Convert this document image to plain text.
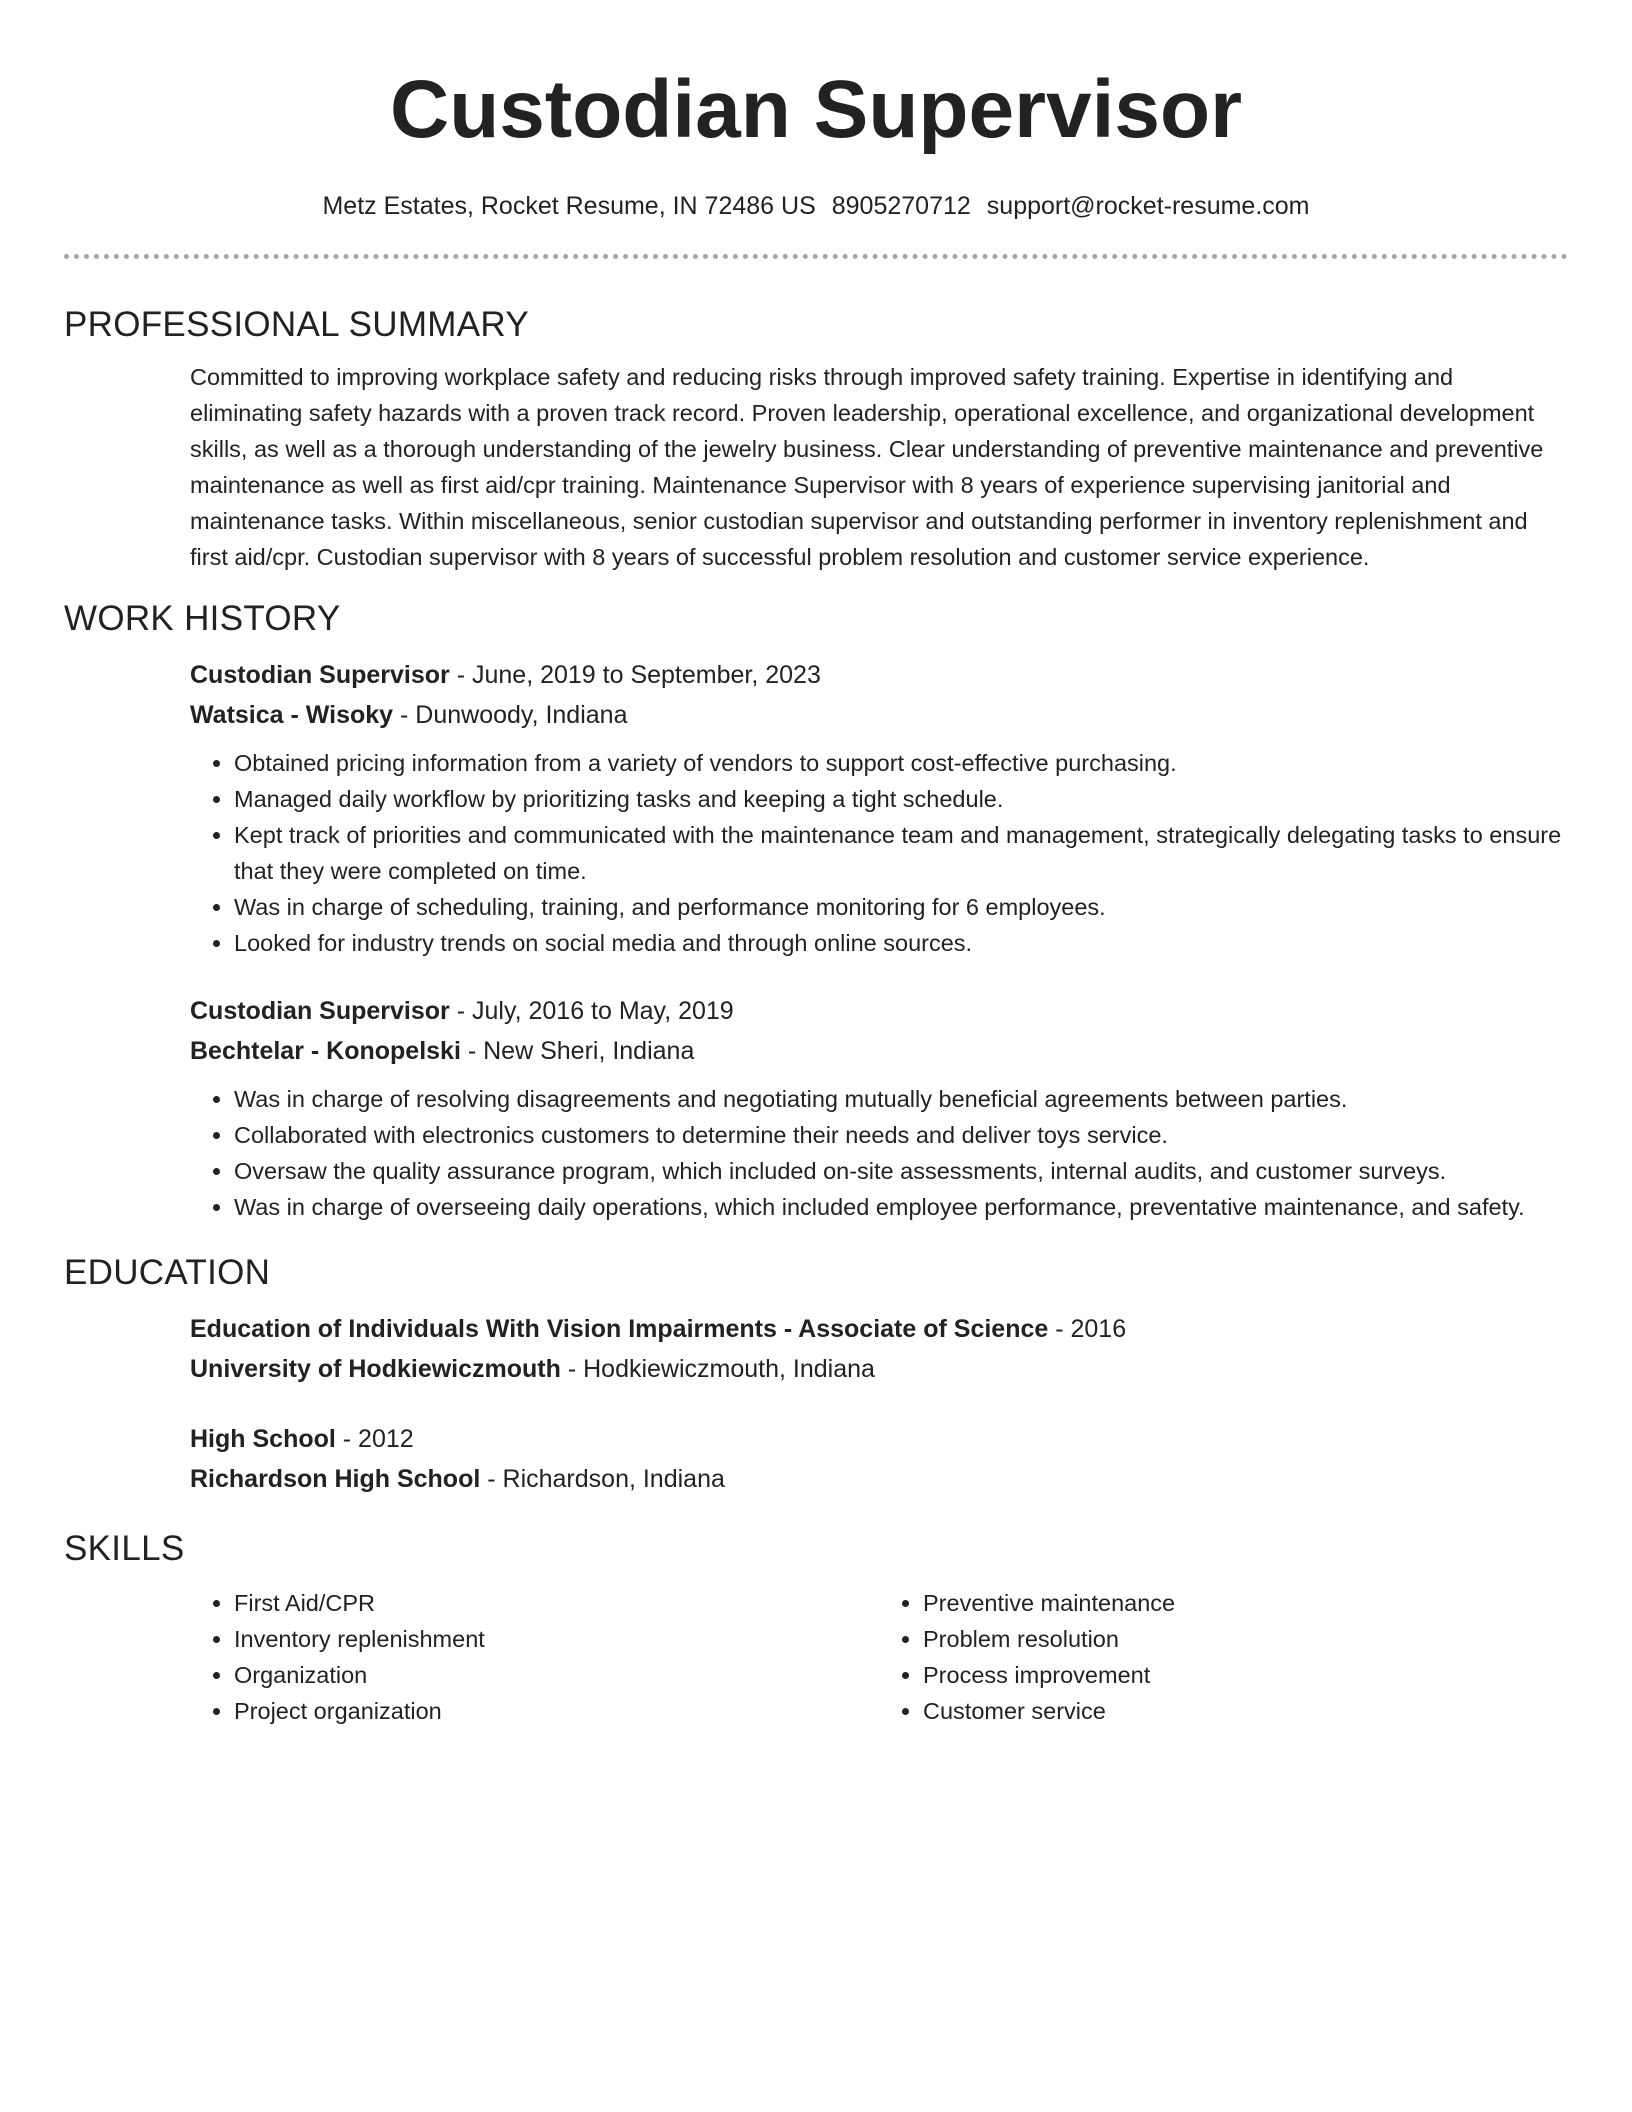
Custodian Supervisor
Metz Estates, Rocket Resume, IN 72486 US 8905270712 support@rocket-resume.com
PROFESSIONAL SUMMARY

Committed to improving workplace safety and reducing risks through improved safety training. Expertise in identifying and eliminating safety hazards with a proven track record. Proven leadership, operational excellence, and organizational development skills, as well as a thorough understanding of the jewelry business. Clear understanding of preventive maintenance and preventive maintenance as well as first aid/cpr training. Maintenance Supervisor with 8 years of experience supervising janitorial and maintenance tasks. Within miscellaneous, senior custodian supervisor and outstanding performer in inventory replenishment and first aid/cpr. Custodian supervisor with 8 years of successful problem resolution and customer service experience.

WORK HISTORY
Custodian Supervisor - June, 2019 to September, 2023
Watsica - Wisoky - Dunwoody, Indiana
• Obtained pricing information from a variety of vendors to support cost-effective purchasing.
• Managed daily workflow by prioritizing tasks and keeping a tight schedule.
• Kept track of priorities and communicated with the maintenance team and management, strategically delegating tasks to ensure that they were completed on time.
• Was in charge of scheduling, training, and performance monitoring for 6 employees.
• Looked for industry trends on social media and through online sources.
Custodian Supervisor - July, 2016 to May, 2019
Bechtelar - Konopelski - New Sheri, Indiana
• Was in charge of resolving disagreements and negotiating mutually beneficial agreements between parties.
• Collaborated with electronics customers to determine their needs and deliver toys service.
• Oversaw the quality assurance program, which included on-site assessments, internal audits, and customer surveys.
• Was in charge of overseeing daily operations, which included employee performance, preventative maintenance, and safety.
EDUCATION
Education of Individuals With Vision Impairments - Associate of Science - 2016
University of Hodkiewiczmouth - Hodkiewiczmouth, Indiana
High School - 2012
Richardson High School - Richardson, Indiana
SKILLS
• First Aid/CPR
• Inventory replenishment
• Organization
• Project organization
• Preventive maintenance
• Problem resolution
• Process improvement
• Customer service
